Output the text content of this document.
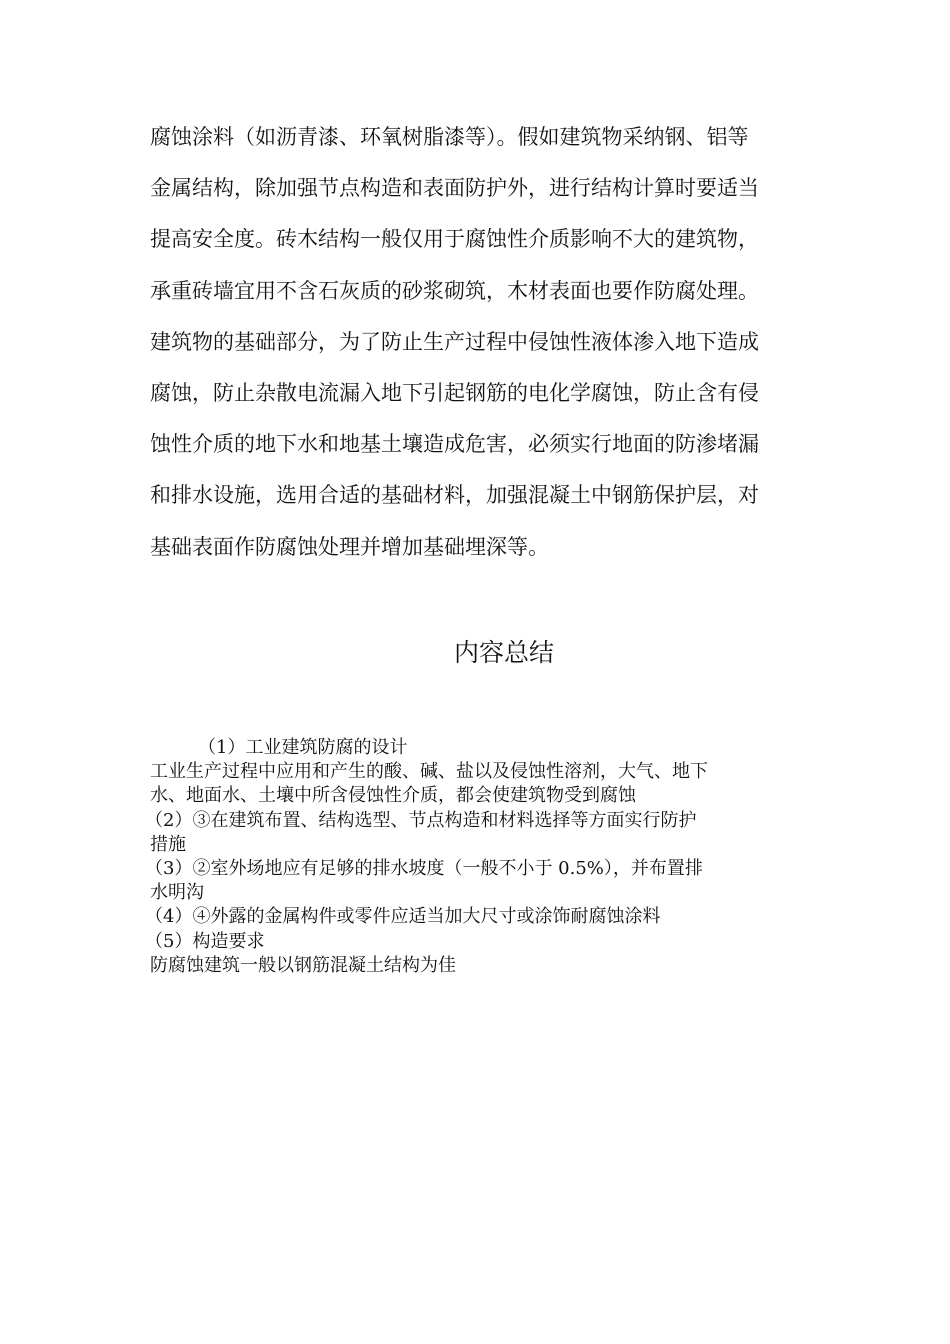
腐蚀涂料（如沥青漆、环氧树脂漆等）。假如建筑物采纳钢、铝等
金属结构，除加强节点构造和表面防护外，进行结构计算时要适当
提高安全度。砖木结构一般仅用于腐蚀性介质影响不大的建筑物，
承重砖墙宜用不含石灰质的砂浆砌筑，木材表面也要作防腐处理。
建筑物的基础部分，为了防止生产过程中侵蚀性液体渗入地下造成
腐蚀，防止杂散电流漏入地下引起钢筋的电化学腐蚀，防止含有侵
蚀性介质的地下水和地基土壤造成危害，必须实行地面的防渗堵漏
和排水设施，选用合适的基础材料，加强混凝土中钢筋保护层，对
基础表面作防腐蚀处理并增加基础埋深等。
内容总结
（1）工业建筑防腐的设计
工业生产过程中应用和产生的酸、碱、盐以及侵蚀性溶剂，大气、地下
水、地面水、土壤中所含侵蚀性介质，都会使建筑物受到腐蚀
（2）③在建筑布置、结构选型、节点构造和材料选择等方面实行防护
措施
（3）②室外场地应有足够的排水坡度（一般不小于 0.5%），并布置排
水明沟
（4）④外露的金属构件或零件应适当加大尺寸或涂饰耐腐蚀涂料
（5）构造要求
防腐蚀建筑一般以钢筋混凝土结构为佳
